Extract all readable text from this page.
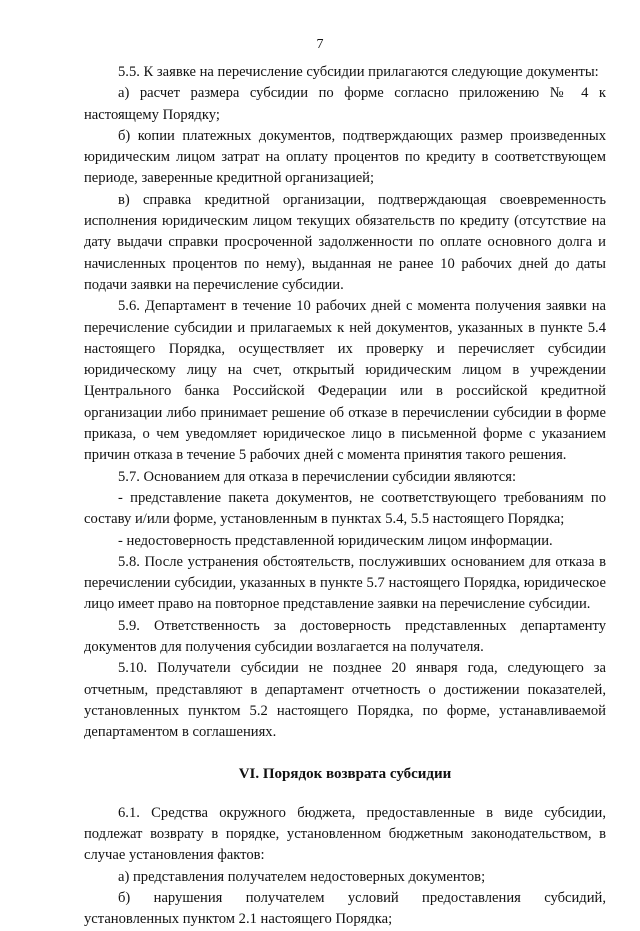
7

5.5. К заявке на перечисление субсидии прилагаются следующие документы:

а) расчет размера субсидии по форме согласно приложению № 4 к настоящему Порядку;

б) копии платежных документов, подтверждающих размер произведенных юридическим лицом затрат на оплату процентов по кредиту в соответствующем периоде, заверенные кредитной организацией;

в) справка кредитной организации, подтверждающая своевременность исполнения юридическим лицом текущих обязательств по кредиту (отсутствие на дату выдачи справки просроченной задолженности по оплате основного долга и начисленных процентов по нему), выданная не ранее 10 рабочих дней до даты подачи заявки на перечисление субсидии.

5.6. Департамент в течение 10 рабочих дней с момента получения заявки на перечисление субсидии и прилагаемых к ней документов, указанных в пункте 5.4 настоящего Порядка, осуществляет их проверку и перечисляет субсидии юридическому лицу на счет, открытый юридическим лицом в учреждении Центрального банка Российской Федерации или в российской кредитной организации либо принимает решение об отказе в перечислении субсидии в форме приказа, о чем уведомляет юридическое лицо в письменной форме с указанием причин отказа в течение 5 рабочих дней с момента принятия такого решения.

5.7. Основанием для отказа в перечислении субсидии являются:

- представление пакета документов, не соответствующего требованиям по составу и/или форме, установленным в пунктах 5.4, 5.5 настоящего Порядка;

- недостоверность представленной юридическим лицом информации.

5.8. После устранения обстоятельств, послуживших основанием для отказа в перечислении субсидии, указанных в пункте 5.7 настоящего Порядка, юридическое лицо имеет право на повторное представление заявки на перечисление субсидии.

5.9. Ответственность за достоверность представленных департаменту документов для получения субсидии возлагается на получателя.

5.10. Получатели субсидии не позднее 20 января года, следующего за отчетным, представляют в департамент отчетность о достижении показателей, установленных пунктом 5.2 настоящего Порядка, по форме, устанавливаемой департаментом в соглашениях.

VI. Порядок возврата субсидии

6.1. Средства окружного бюджета, предоставленные в виде субсидии, подлежат возврату в порядке, установленном бюджетным законодательством, в случае установления фактов:

а) представления получателем недостоверных документов;

б) нарушения получателем условий предоставления субсидий, установленных пунктом 2.1 настоящего Порядка;
